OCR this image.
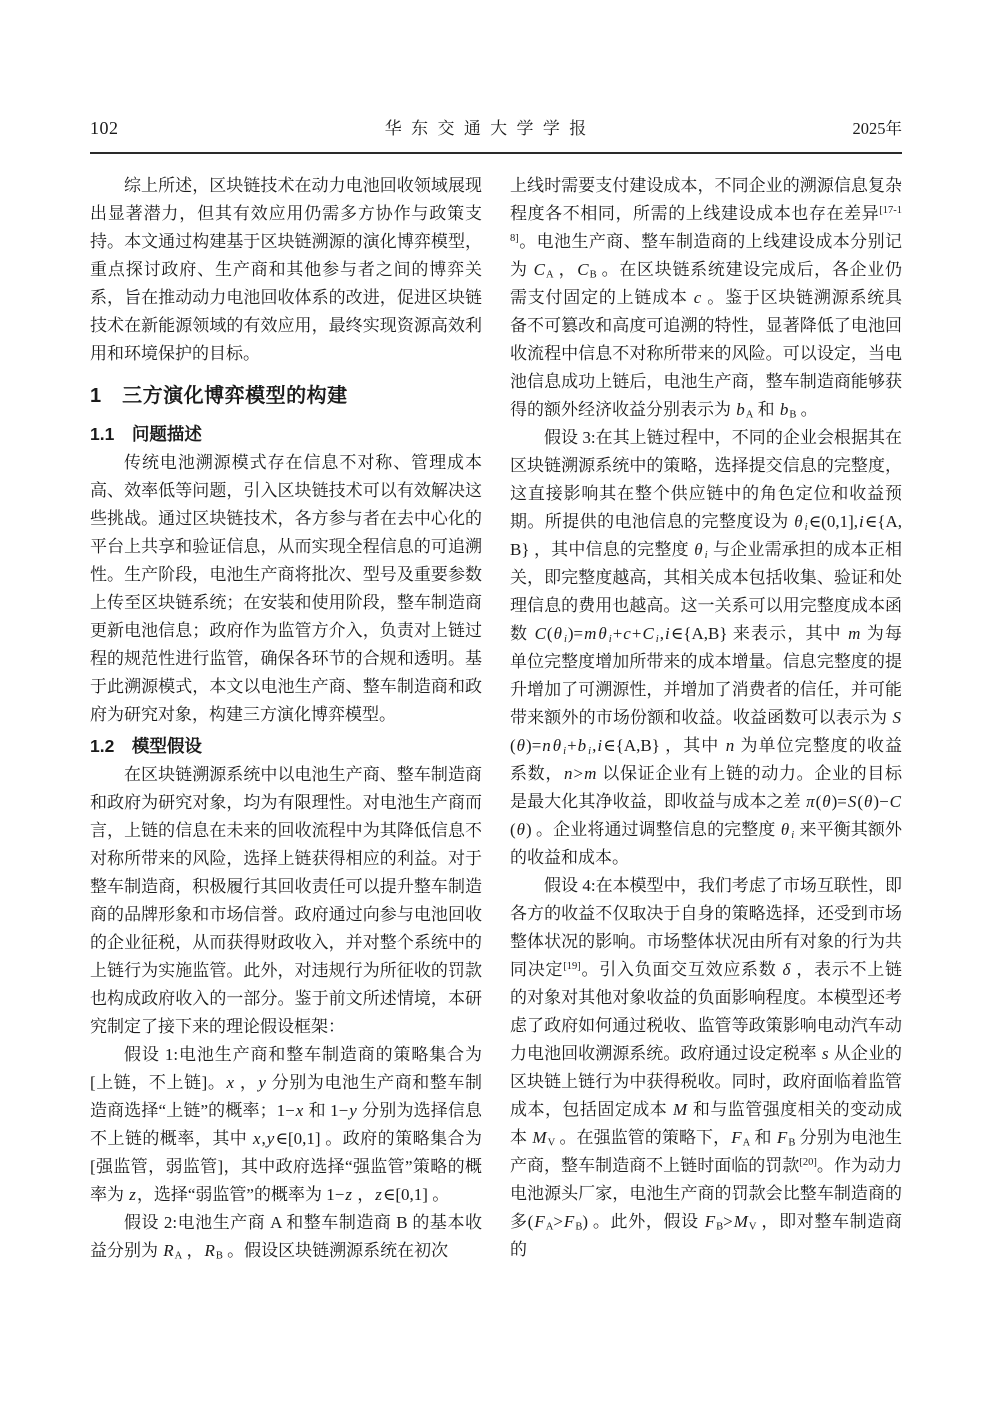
102	华东交通大学学报	2025年
综上所述，区块链技术在动力电池回收领域展现出显著潜力，但其有效应用仍需多方协作与政策支持。本文通过构建基于区块链溯源的演化博弈模型，重点探讨政府、生产商和其他参与者之间的博弈关系，旨在推动动力电池回收体系的改进，促进区块链技术在新能源领域的有效应用，最终实现资源高效利用和环境保护的目标。
1　三方演化博弈模型的构建
1.1　问题描述
传统电池溯源模式存在信息不对称、管理成本高、效率低等问题，引入区块链技术可以有效解决这些挑战。通过区块链技术，各方参与者在去中心化的平台上共享和验证信息，从而实现全程信息的可追溯性。生产阶段，电池生产商将批次、型号及重要参数上传至区块链系统；在安装和使用阶段，整车制造商更新电池信息；政府作为监管方介入，负责对上链过程的规范性进行监管，确保各环节的合规和透明。基于此溯源模式，本文以电池生产商、整车制造商和政府为研究对象，构建三方演化博弈模型。
1.2　模型假设
在区块链溯源系统中以电池生产商、整车制造商和政府为研究对象，均为有限理性。对电池生产商而言，上链的信息在未来的回收流程中为其降低信息不对称所带来的风险，选择上链获得相应的利益。对于整车制造商，积极履行其回收责任可以提升整车制造商的品牌形象和市场信誉。政府通过向参与电池回收的企业征税，从而获得财政收入，并对整个系统中的上链行为实施监管。此外，对违规行为所征收的罚款也构成政府收入的一部分。鉴于前文所述情境，本研究制定了接下来的理论假设框架：
假设 1:电池生产商和整车制造商的策略集合为[上链，不上链]。x ，y 分别为电池生产商和整车制造商选择“上链”的概率；1−x 和 1−y 分别为选择信息不上链的概率，其中 x,y∈[0,1] 。政府的策略集合为[强监管，弱监管]，其中政府选择“强监管”策略的概率为 z，选择“弱监管”的概率为 1−z ，z∈[0,1] 。
假设 2:电池生产商 A 和整车制造商 B 的基本收益分别为 $R_A$ ，$R_B$ 。假设区块链溯源系统在初次
上线时需要支付建设成本，不同企业的溯源信息复杂程度各不相同，所需的上线建设成本也存在差异[17-18]。电池生产商、整车制造商的上线建设成本分别记为 $C_A$ ，$C_B$ 。在区块链系统建设完成后，各企业仍需支付固定的上链成本 c 。鉴于区块链溯源系统具备不可篡改和高度可追溯的特性，显著降低了电池回收流程中信息不对称所带来的风险。可以设定，当电池信息成功上链后，电池生产商，整车制造商能够获得的额外经济收益分别表示为 $b_A$ 和 $b_B$ 。
假设 3:在其上链过程中，不同的企业会根据其在区块链溯源系统中的策略，选择提交信息的完整度，这直接影响其在整个供应链中的角色定位和收益预期。所提供的电池信息的完整度设为 θ $_i$∈(0,1],i∈{A,B} ，其中信息的完整度 θ $_i$ 与企业需承担的成本正相关，即完整度越高，其相关成本包括收集、验证和处理信息的费用也越高。这一关系可以用完整度成本函数 C(θ $_i$)=m θ $_i$+c+C $_i$,i∈{A,B} 来表示，其中 m 为每单位完整度增加所带来的成本增量。信息完整度的提升增加了可溯源性，并增加了消费者的信任，并可能带来额外的市场份额和收益。收益函数可以表示为 S(θ)=n θ $_i$+b $_i$,i∈{A,B} ，其中 n 为单位完整度的收益系数，n>m 以保证企业有上链的动力。企业的目标是最大化其净收益，即收益与成本之差 π(θ)=S(θ)−C(θ) 。企业将通过调整信息的完整度 θ $_i$ 来平衡其额外的收益和成本。
假设 4:在本模型中，我们考虑了市场互联性，即各方的收益不仅取决于自身的策略选择，还受到市场整体状况的影响。市场整体状况由所有对象的行为共同决定[19]。引入负面交互效应系数 δ ，表示不上链的对象对其他对象收益的负面影响程度。本模型还考虑了政府如何通过税收、监管等政策影响电动汽车动力电池回收溯源系统。政府通过设定税率 s 从企业的区块链上链行为中获得税收。同时，政府面临着监管成本，包括固定成本 M 和与监管强度相关的变动成本 $M_V$ 。在强监管的策略下，$F_A$ 和 $F_B$ 分别为电池生产商，整车制造商不上链时面临的罚款[20]。作为动力电池源头厂家，电池生产商的罚款会比整车制造商的多$(F_A>F_B)$ 。此外，假设 $F_B>M_V$ ，即对整车制造商的
